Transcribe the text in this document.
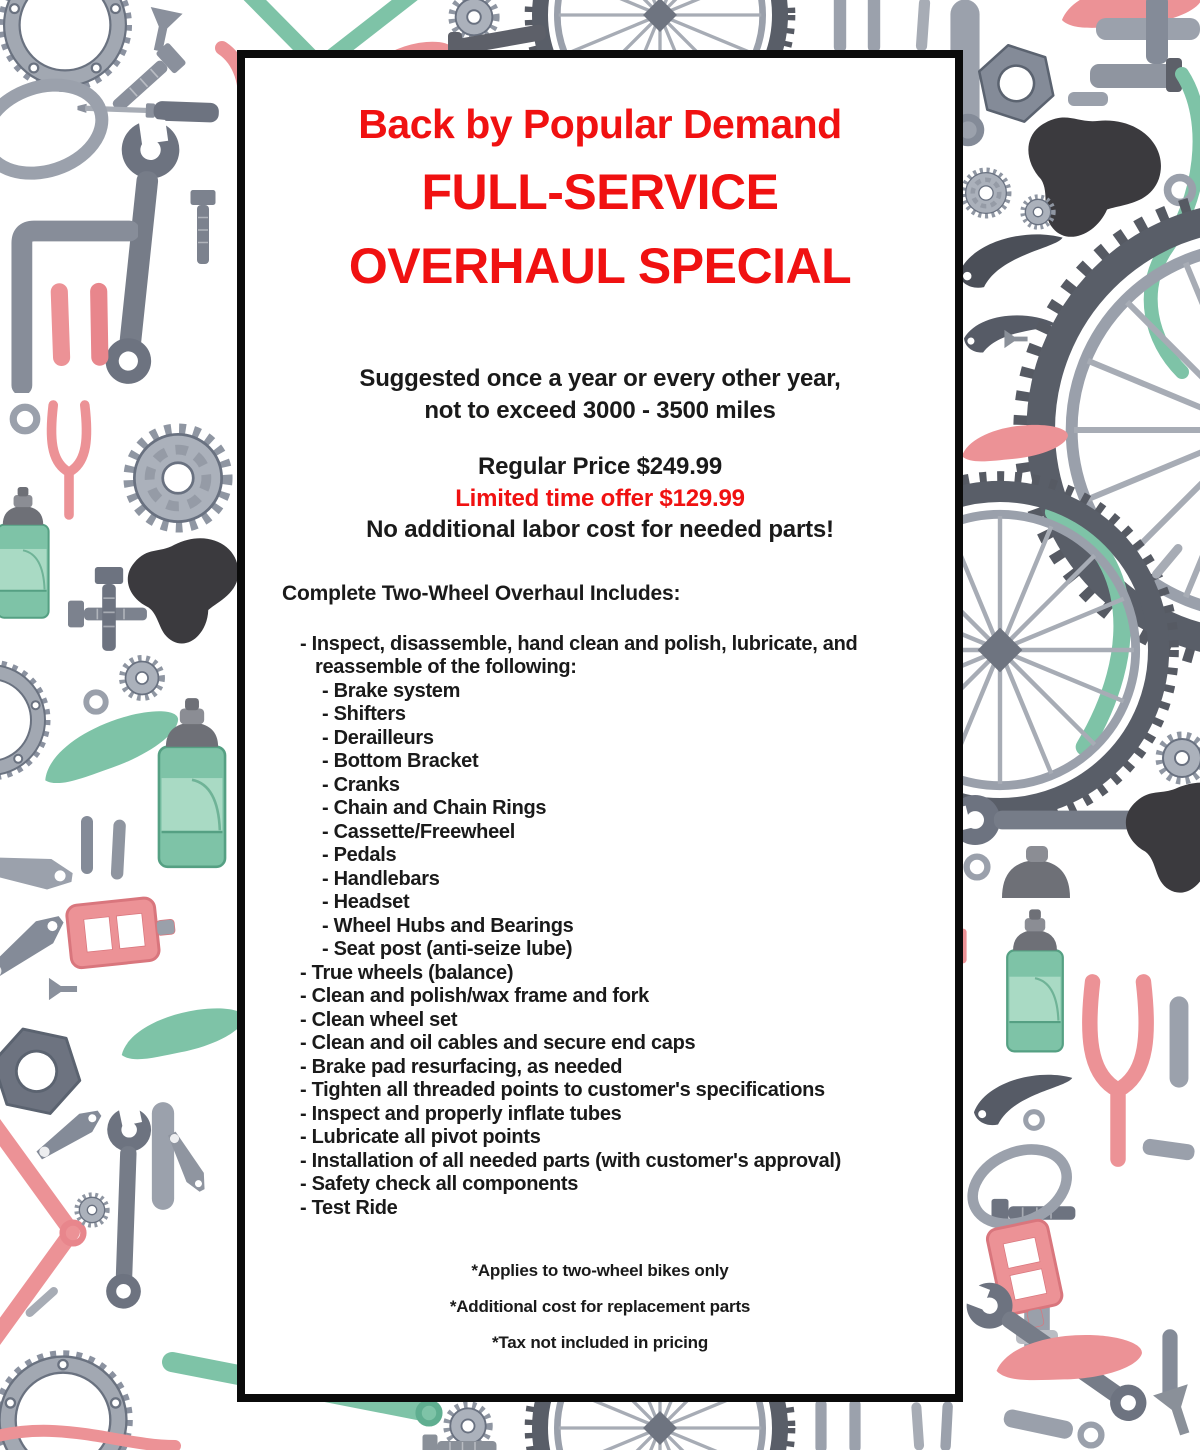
Back by Popular Demand
FULL-SERVICE
OVERHAUL SPECIAL
Suggested once a year or every other year,
not to exceed 3000 - 3500 miles
Regular Price $249.99
Limited time offer $129.99
No additional labor cost for needed parts!
Complete Two-Wheel Overhaul Includes:
- Inspect, disassemble, hand clean and polish, lubricate, and
reassemble of the following:
- Brake system
- Shifters
- Derailleurs
- Bottom Bracket
- Cranks
- Chain and Chain Rings
- Cassette/Freewheel
- Pedals
- Handlebars
- Headset
- Wheel Hubs and Bearings
- Seat post (anti-seize lube)
- True wheels (balance)
- Clean and polish/wax frame and fork
- Clean wheel set
- Clean and oil cables and secure end caps
- Brake pad resurfacing, as needed
- Tighten all threaded points to customer's specifications
- Inspect and properly inflate tubes
- Lubricate all pivot points
- Installation of all needed parts (with customer's approval)
- Safety check all components
- Test Ride
*Applies to two-wheel bikes only
*Additional cost for replacement parts
*Tax not included in pricing
